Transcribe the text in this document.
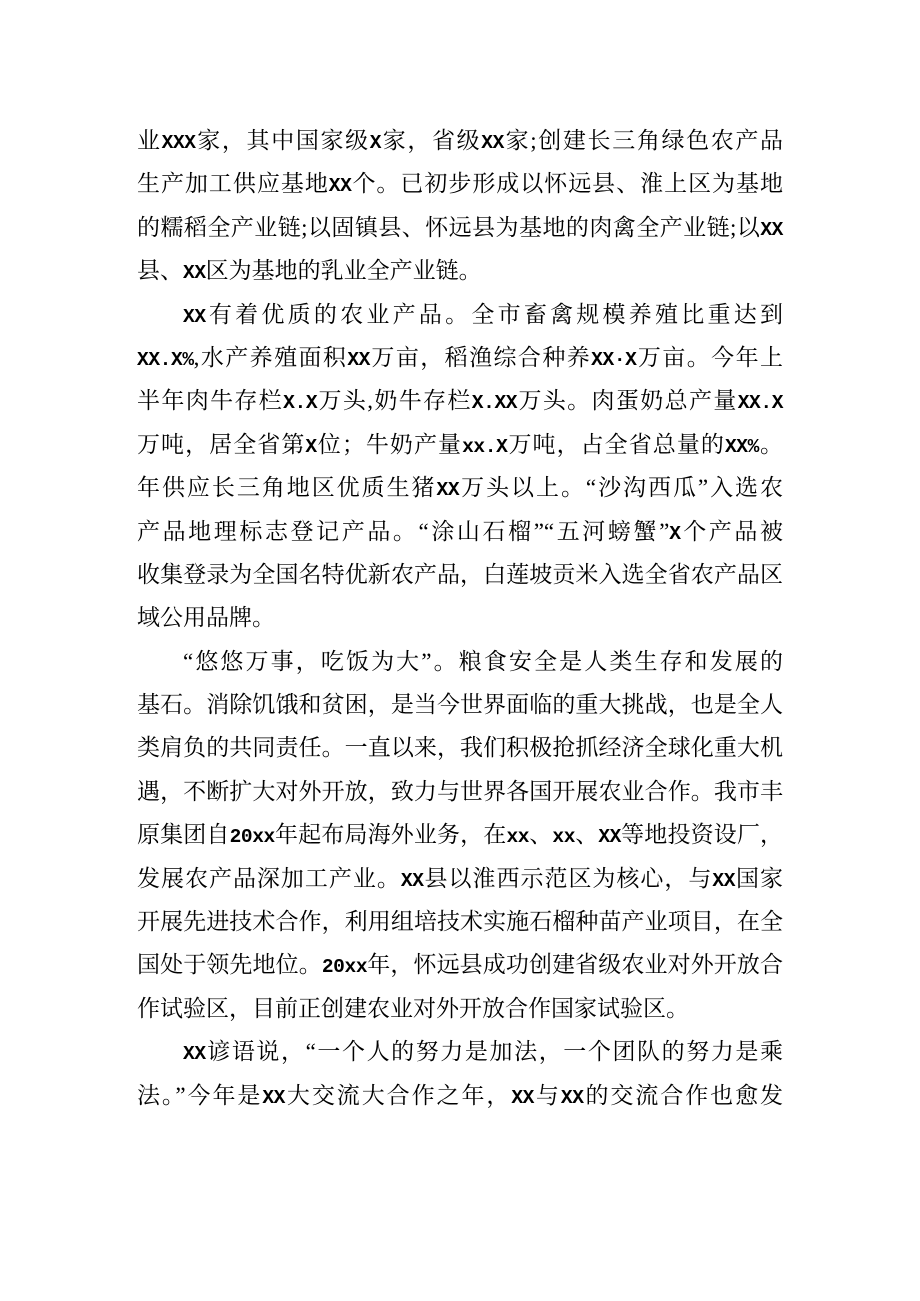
业XXX家，其中国家级X家，省级XX家;创建长三角绿色农产品
生产加工供应基地XX个。已初步形成以怀远县、淮上区为基地
的糯稻全产业链;以固镇县、怀远县为基地的肉禽全产业链;以XX
县、XX区为基地的乳业全产业链。
XX有着优质的农业产品。全市畜禽规模养殖比重达到
XX.X%,水产养殖面积XX万亩，稻渔综合种养XX·X万亩。今年上
半年肉牛存栏X.X万头,奶牛存栏X.XX万头。肉蛋奶总产量XX.X
万吨，居全省第X位；牛奶产量xx.X万吨，占全省总量的XX%。
年供应长三角地区优质生猪XX万头以上。“沙沟西瓜”入选农
产品地理标志登记产品。“涂山石榴”“五河螃蟹”X个产品被
收集登录为全国名特优新农产品，白莲坡贡米入选全省农产品区
域公用品牌。
“悠悠万事，吃饭为大”。粮食安全是人类生存和发展的
基石。消除饥饿和贫困，是当今世界面临的重大挑战，也是全人
类肩负的共同责任。一直以来，我们积极抢抓经济全球化重大机
遇，不断扩大对外开放，致力与世界各国开展农业合作。我市丰
原集团自20xx年起布局海外业务，在xx、xx、XX等地投资设厂，
发展农产品深加工产业。XX县以淮西示范区为核心，与XX国家
开展先进技术合作，利用组培技术实施石榴种苗产业项目，在全
国处于领先地位。20xx年，怀远县成功创建省级农业对外开放合
作试验区，目前正创建农业对外开放合作国家试验区。
XX谚语说，“一个人的努力是加法，一个团队的努力是乘
法。”今年是XX大交流大合作之年，XX与XX的交流合作也愈发
